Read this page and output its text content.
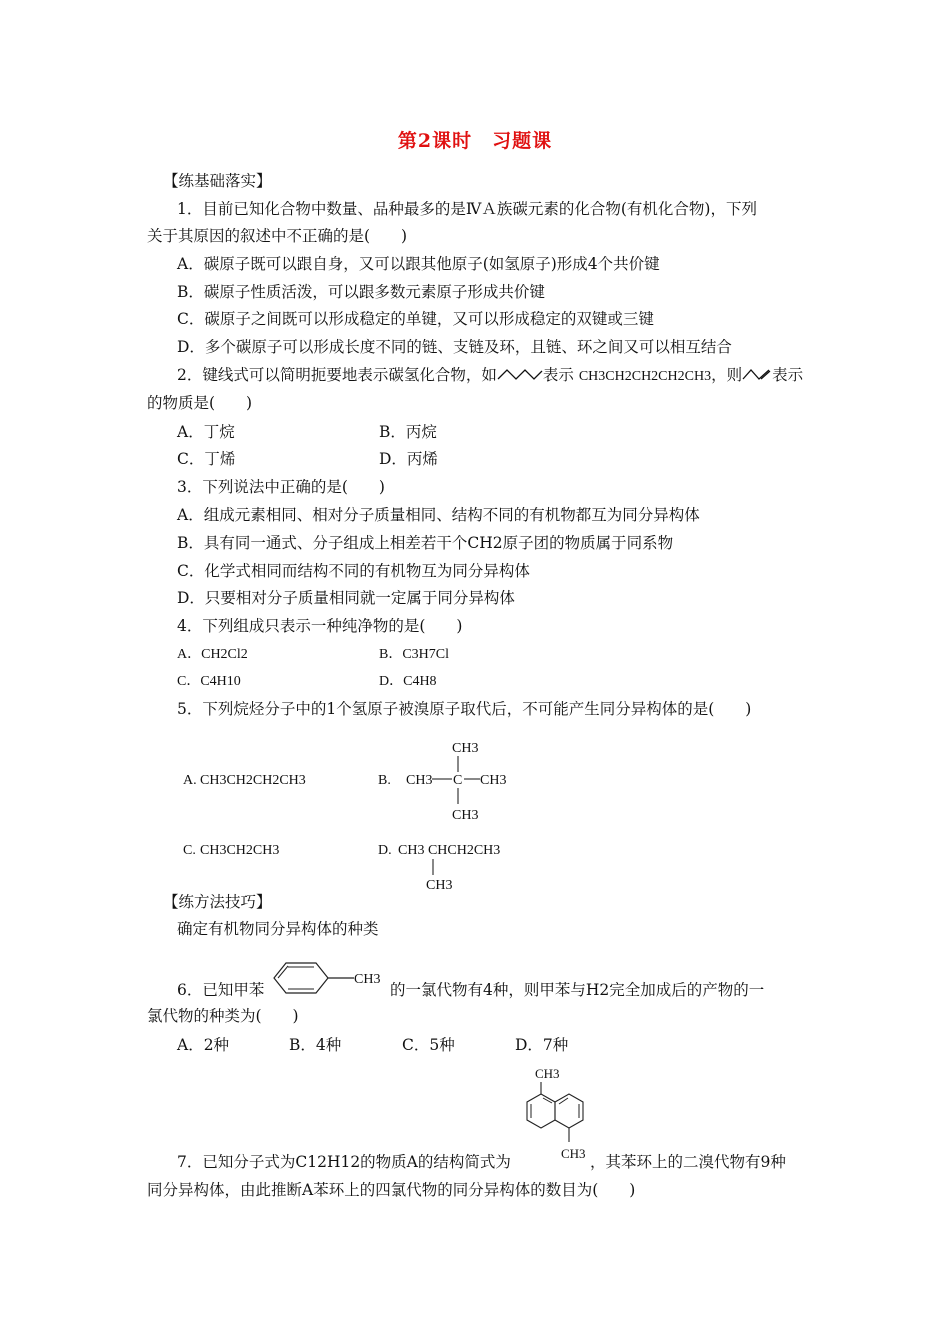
第2课时　习题课
【练基础落实】
1．目前已知化合物中数量、品种最多的是ⅣＡ族碳元素的化合物(有机化合物)，下列
关于其原因的叙述中不正确的是(　　)
A．碳原子既可以跟自身，又可以跟其他原子(如氢原子)形成4个共价键
B．碳原子性质活泼，可以跟多数元素原子形成共价键
C．碳原子之间既可以形成稳定的单键，又可以形成稳定的双键或三键
D．多个碳原子可以形成长度不同的链、支链及环，且链、环之间又可以相互结合
2．键线式可以简明扼要地表示碳氢化合物，如	表示 CH3CH2CH2CH2CH3，则 表示
的物质是(　　)
A．丁烷	B．丙烷
C．丁烯	D．丙烯
3．下列说法中正确的是(　　)
A．组成元素相同、相对分子质量相同、结构不同的有机物都互为同分异构体
B．具有同一通式、分子组成上相差若干个CH2原子团的物质属于同系物
C．化学式相同而结构不同的有机物互为同分异构体
D．只要相对分子质量相同就一定属于同分异构体
4．下列组成只表示一种纯净物的是(　　)
A．CH2Cl2	B．C3H7Cl
C．C4H10	D．C4H8
5．下列烷烃分子中的1个氢原子被溴原子取代后，不可能产生同分异构体的是(　　)
A. CH3CH2CH2CH3	B.
CH3
CH3 C CH3
CH3
C. CH3CH2CH3	D. CH3 CHCH2CH3
CH3
【练方法技巧】
确定有机物同分异构体的种类
6．已知甲苯
CH3
的一氯代物有4种，则甲苯与H2完全加成后的产物的一
氯代物的种类为(　　)
A．2种	B．4种	C．5种	D．7种
CH3
CH3
7．已知分子式为C12H12的物质A的结构简式为	，其苯环上的二溴代物有9种
同分异构体，由此推断A苯环上的四氯代物的同分异构体的数目为(　　)
